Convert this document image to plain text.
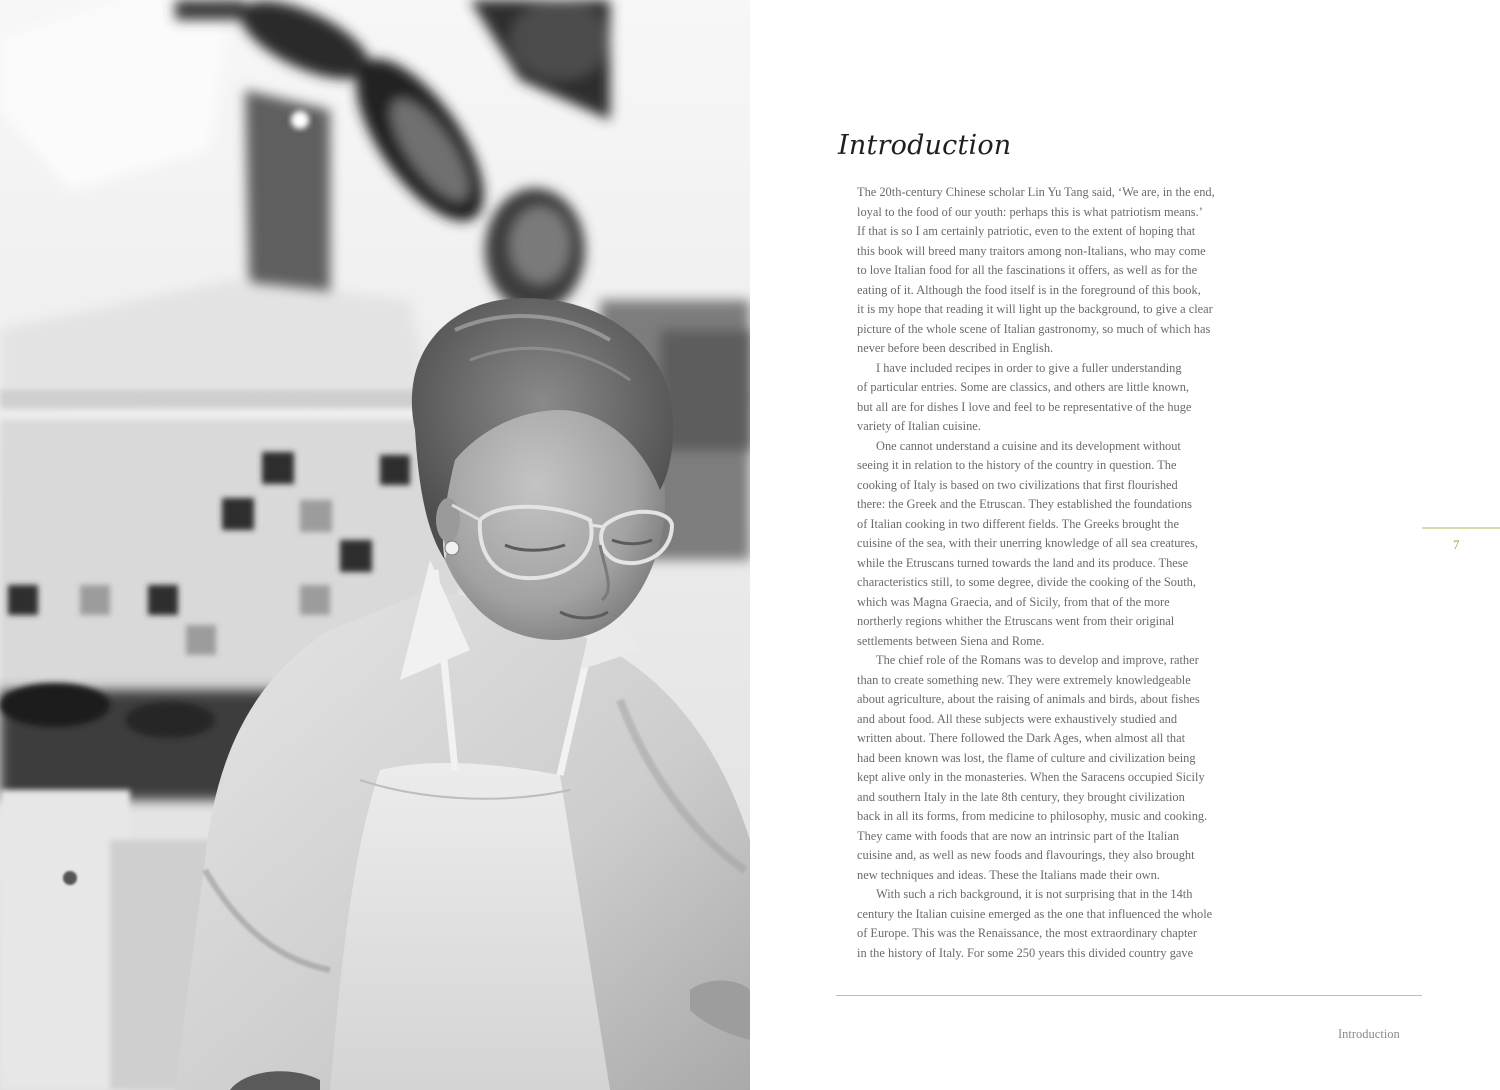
Introduction
The 20th-century Chinese scholar Lin Yu Tang said, ‘We are, in the end,
loyal to the food of our youth: perhaps this is what patriotism means.’
If that is so I am certainly patriotic, even to the extent of hoping that
this book will breed many traitors among non-Italians, who may come
to love Italian food for all the fascinations it offers, as well as for the
eating of it. Although the food itself is in the foreground of this book,
it is my hope that reading it will light up the background, to give a clear
picture of the whole scene of Italian gastronomy, so much of which has
never before been described in English.
I have included recipes in order to give a fuller understanding
of particular entries. Some are classics, and others are little known,
but all are for dishes I love and feel to be representative of the huge
variety of Italian cuisine.
One cannot understand a cuisine and its development without
seeing it in relation to the history of the country in question. The
cooking of Italy is based on two civilizations that first flourished
there: the Greek and the Etruscan. They established the foundations
of Italian cooking in two different fields. The Greeks brought the
cuisine of the sea, with their unerring knowledge of all sea creatures,
while the Etruscans turned towards the land and its produce. These
characteristics still, to some degree, divide the cooking of the South,
which was Magna Graecia, and of Sicily, from that of the more
northerly regions whither the Etruscans went from their original
settlements between Siena and Rome.
The chief role of the Romans was to develop and improve, rather
than to create something new. They were extremely knowledgeable
about agriculture, about the raising of animals and birds, about fishes
and about food. All these subjects were exhaustively studied and
written about. There followed the Dark Ages, when almost all that
had been known was lost, the flame of culture and civilization being
kept alive only in the monasteries. When the Saracens occupied Sicily
and southern Italy in the late 8th century, they brought civilization
back in all its forms, from medicine to philosophy, music and cooking.
They came with foods that are now an intrinsic part of the Italian
cuisine and, as well as new foods and flavourings, they also brought
new techniques and ideas. These the Italians made their own.
With such a rich background, it is not surprising that in the 14th
century the Italian cuisine emerged as the one that influenced the whole
of Europe. This was the Renaissance, the most extraordinary chapter
in the history of Italy. For some 250 years this divided country gave
7
Introduction
